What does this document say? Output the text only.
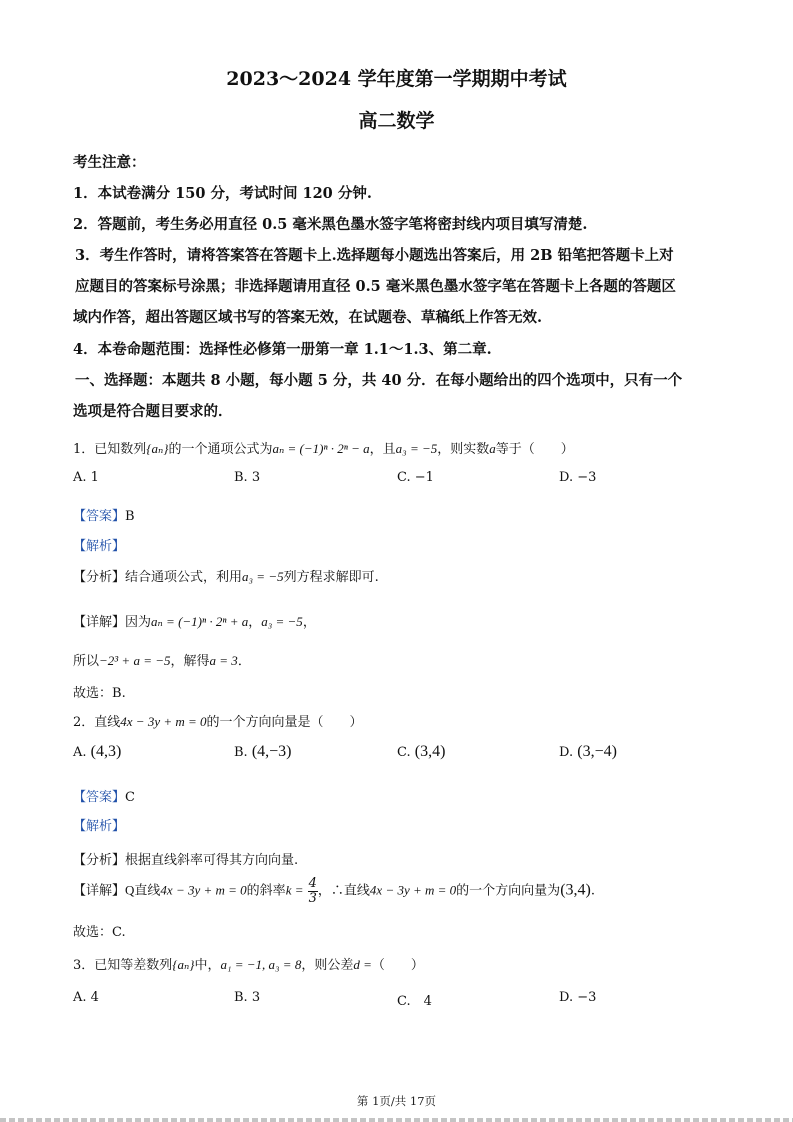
2023～2024 学年度第一学期期中考试
高二数学
考生注意：
1．本试卷满分 150 分，考试时间 120 分钟.
2．答题前，考生务必用直径 0.5 毫米黑色墨水签字笔将密封线内项目填写清楚.
3．考生作答时，请将答案答在答题卡上.选择题每小题选出答案后，用 2B 铅笔把答题卡上对
应题目的答案标号涂黑；非选择题请用直径 0.5 毫米黑色墨水签字笔在答题卡上各题的答题区
域内作答，超出答题区域书写的答案无效，在试题卷、草稿纸上作答无效.
4．本卷命题范围：选择性必修第一册第一章 1.1～1.3、第二章.
一、选择题：本题共 8 小题，每小题 5 分，共 40 分．在每小题给出的四个选项中，只有一个
选项是符合题目要求的．
1．已知数列{aₙ}的一个通项公式为aₙ = (−1)ⁿ · 2ⁿ − a，且a₃ = −5，则实数a等于（　　）
A. 1	B. 3	C. −1	D. −3
【答案】B
【解析】
【分析】结合通项公式，利用a₃ = −5列方程求解即可.
【详解】因为aₙ = (−1)ⁿ · 2ⁿ + a，a₃ = −5，
所以−2³ + a = −5，解得a = 3．
故选：B.
2．直线4x − 3y + m = 0的一个方向向量是（　　）
A. (4,3)	B. (4,−3)	C. (3,4)	D. (3,−4)
【答案】C
【解析】
【分析】根据直线斜率可得其方向向量.
【详解】Q直线4x − 3y + m = 0的斜率$k = \frac{4}{3}$ ，∴直线4x − 3y + m = 0的一个方向向量为(3,4).
故选：C.
3．已知等差数列{aₙ}中，a₁ = −1, a₃ = 8，则公差d =（　　）
A. 4	B. 3	C.　4	D. −3
第 1页/共 17页
